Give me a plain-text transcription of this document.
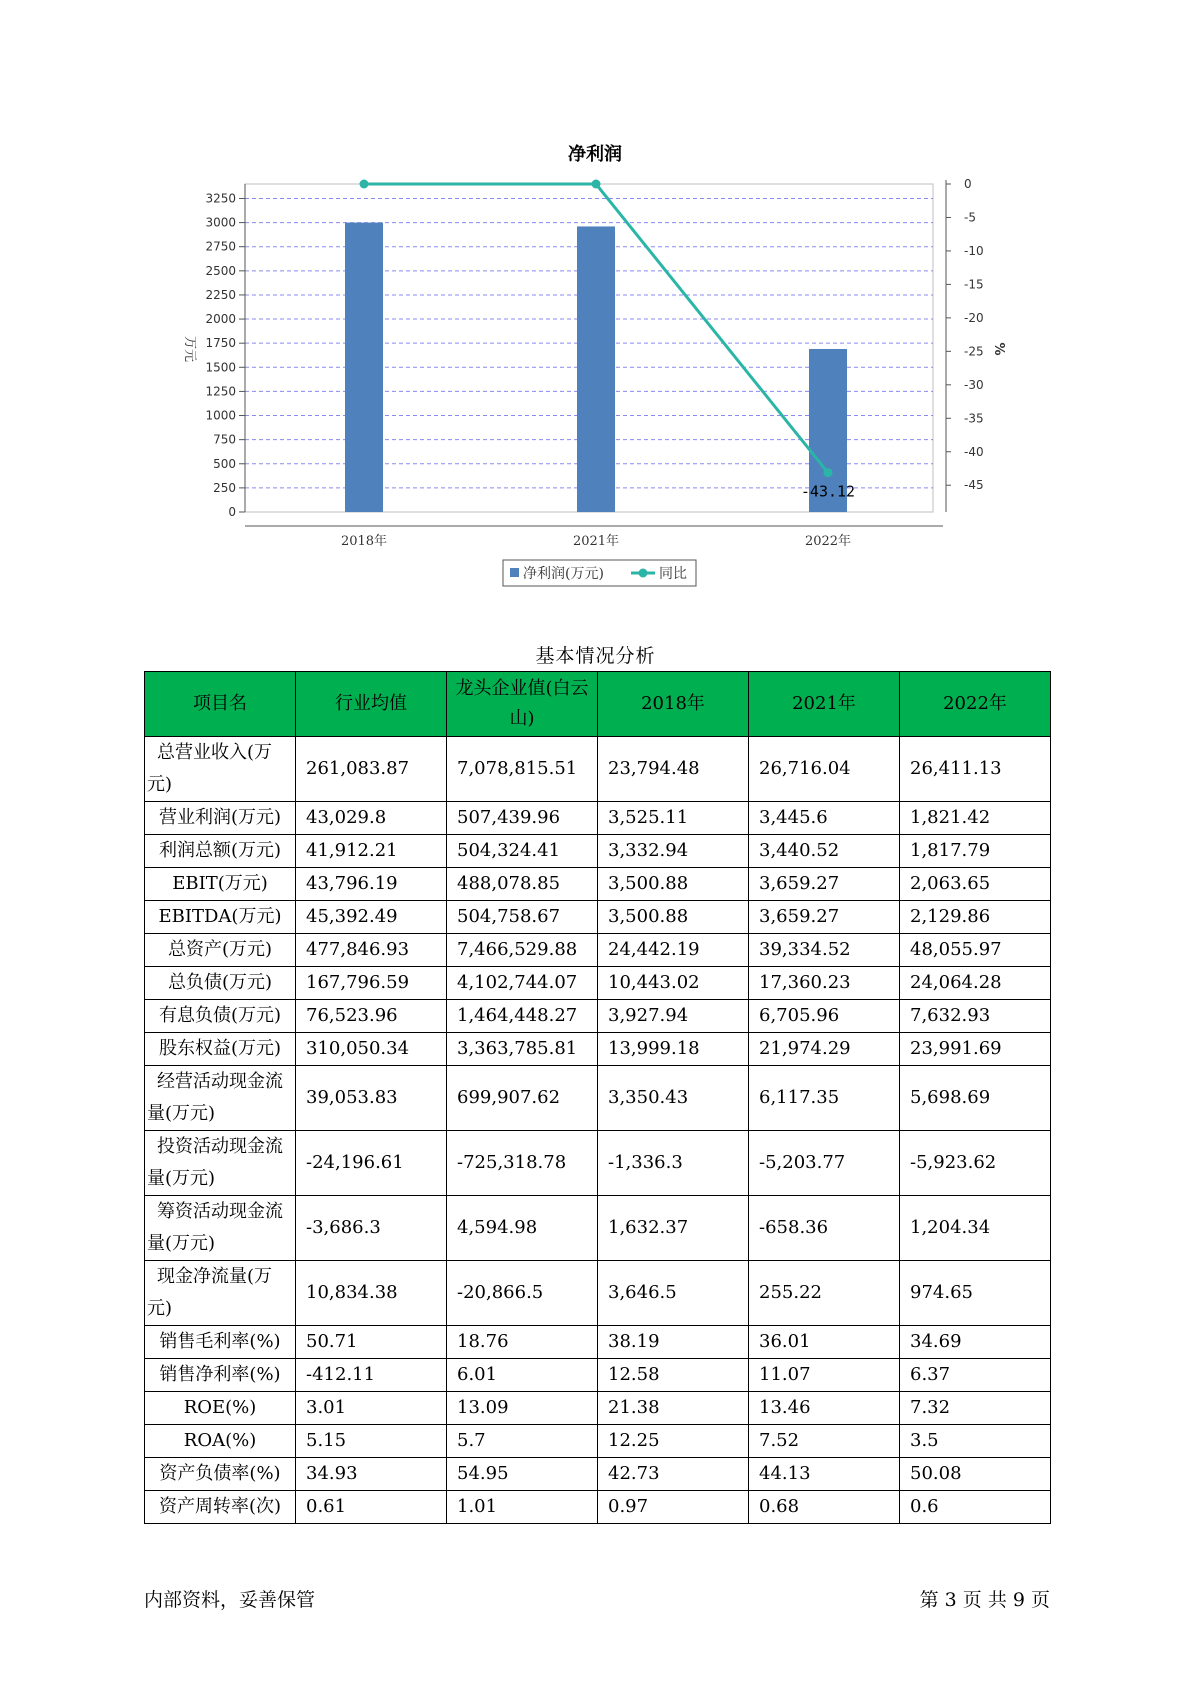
净利润
0
250
500
750
1000
1250
1500
1750
2000
2250
2500
2750
3000
3250
0
-5
-10
-15
-20
-25
-30
-35
-40
-45
万元	%
2018年	2021年	2022年
-43.12
净利润(万元)	同比
基本情况分析
项目名	行业均值	龙头企业值(白云山)	2018年	2021年	2022年
总营业收入(万元)	261,083.87	7,078,815.51	23,794.48	26,716.04	26,411.13
营业利润(万元)	43,029.8	507,439.96	3,525.11	3,445.6	1,821.42
利润总额(万元)	41,912.21	504,324.41	3,332.94	3,440.52	1,817.79
EBIT(万元)	43,796.19	488,078.85	3,500.88	3,659.27	2,063.65
EBITDA(万元)	45,392.49	504,758.67	3,500.88	3,659.27	2,129.86
总资产(万元)	477,846.93	7,466,529.88	24,442.19	39,334.52	48,055.97
总负债(万元)	167,796.59	4,102,744.07	10,443.02	17,360.23	24,064.28
有息负债(万元)	76,523.96	1,464,448.27	3,927.94	6,705.96	7,632.93
股东权益(万元)	310,050.34	3,363,785.81	13,999.18	21,974.29	23,991.69
经营活动现金流量(万元)	39,053.83	699,907.62	3,350.43	6,117.35	5,698.69
投资活动现金流量(万元)	-24,196.61	-725,318.78	-1,336.3	-5,203.77	-5,923.62
筹资活动现金流量(万元)	-3,686.3	4,594.98	1,632.37	-658.36	1,204.34
现金净流量(万元)	10,834.38	-20,866.5	3,646.5	255.22	974.65
销售毛利率(%)	50.71	18.76	38.19	36.01	34.69
销售净利率(%)	-412.11	6.01	12.58	11.07	6.37
ROE(%)	3.01	13.09	21.38	13.46	7.32
ROA(%)	5.15	5.7	12.25	7.52	3.5
资产负债率(%)	34.93	54.95	42.73	44.13	50.08
资产周转率(次)	0.61	1.01	0.97	0.68	0.6
内部资料，妥善保管	第 3 页 共 9 页
